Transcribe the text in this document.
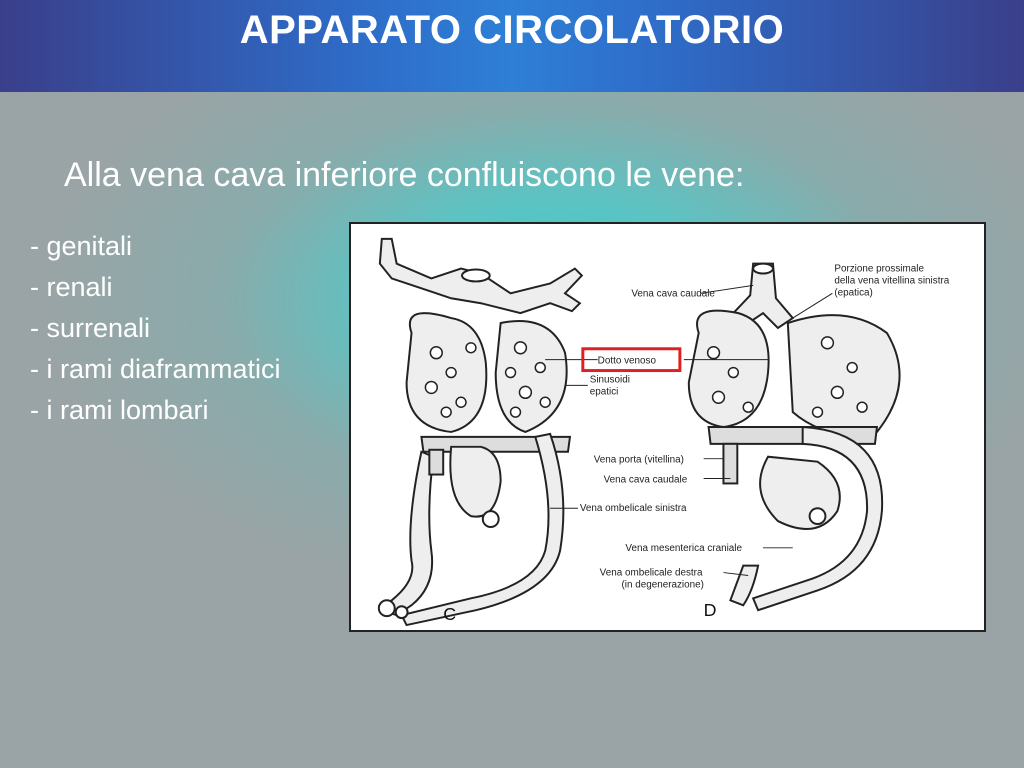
APPARATO CIRCOLATORIO
Alla vena cava inferiore confluiscono le vene:
- genitali
- renali
- surrenali
- i rami diaframmatici
- i rami lombari
C	D
Vena cava caudale
Porzione prossimale
della vena vitellina sinistra
(epatica)
Dotto venoso
Sinusoidi
epatici
Vena porta (vitellina)
Vena cava caudale
Vena ombelicale sinistra
Vena mesenterica craniale
Vena ombelicale destra
(in degenerazione)
